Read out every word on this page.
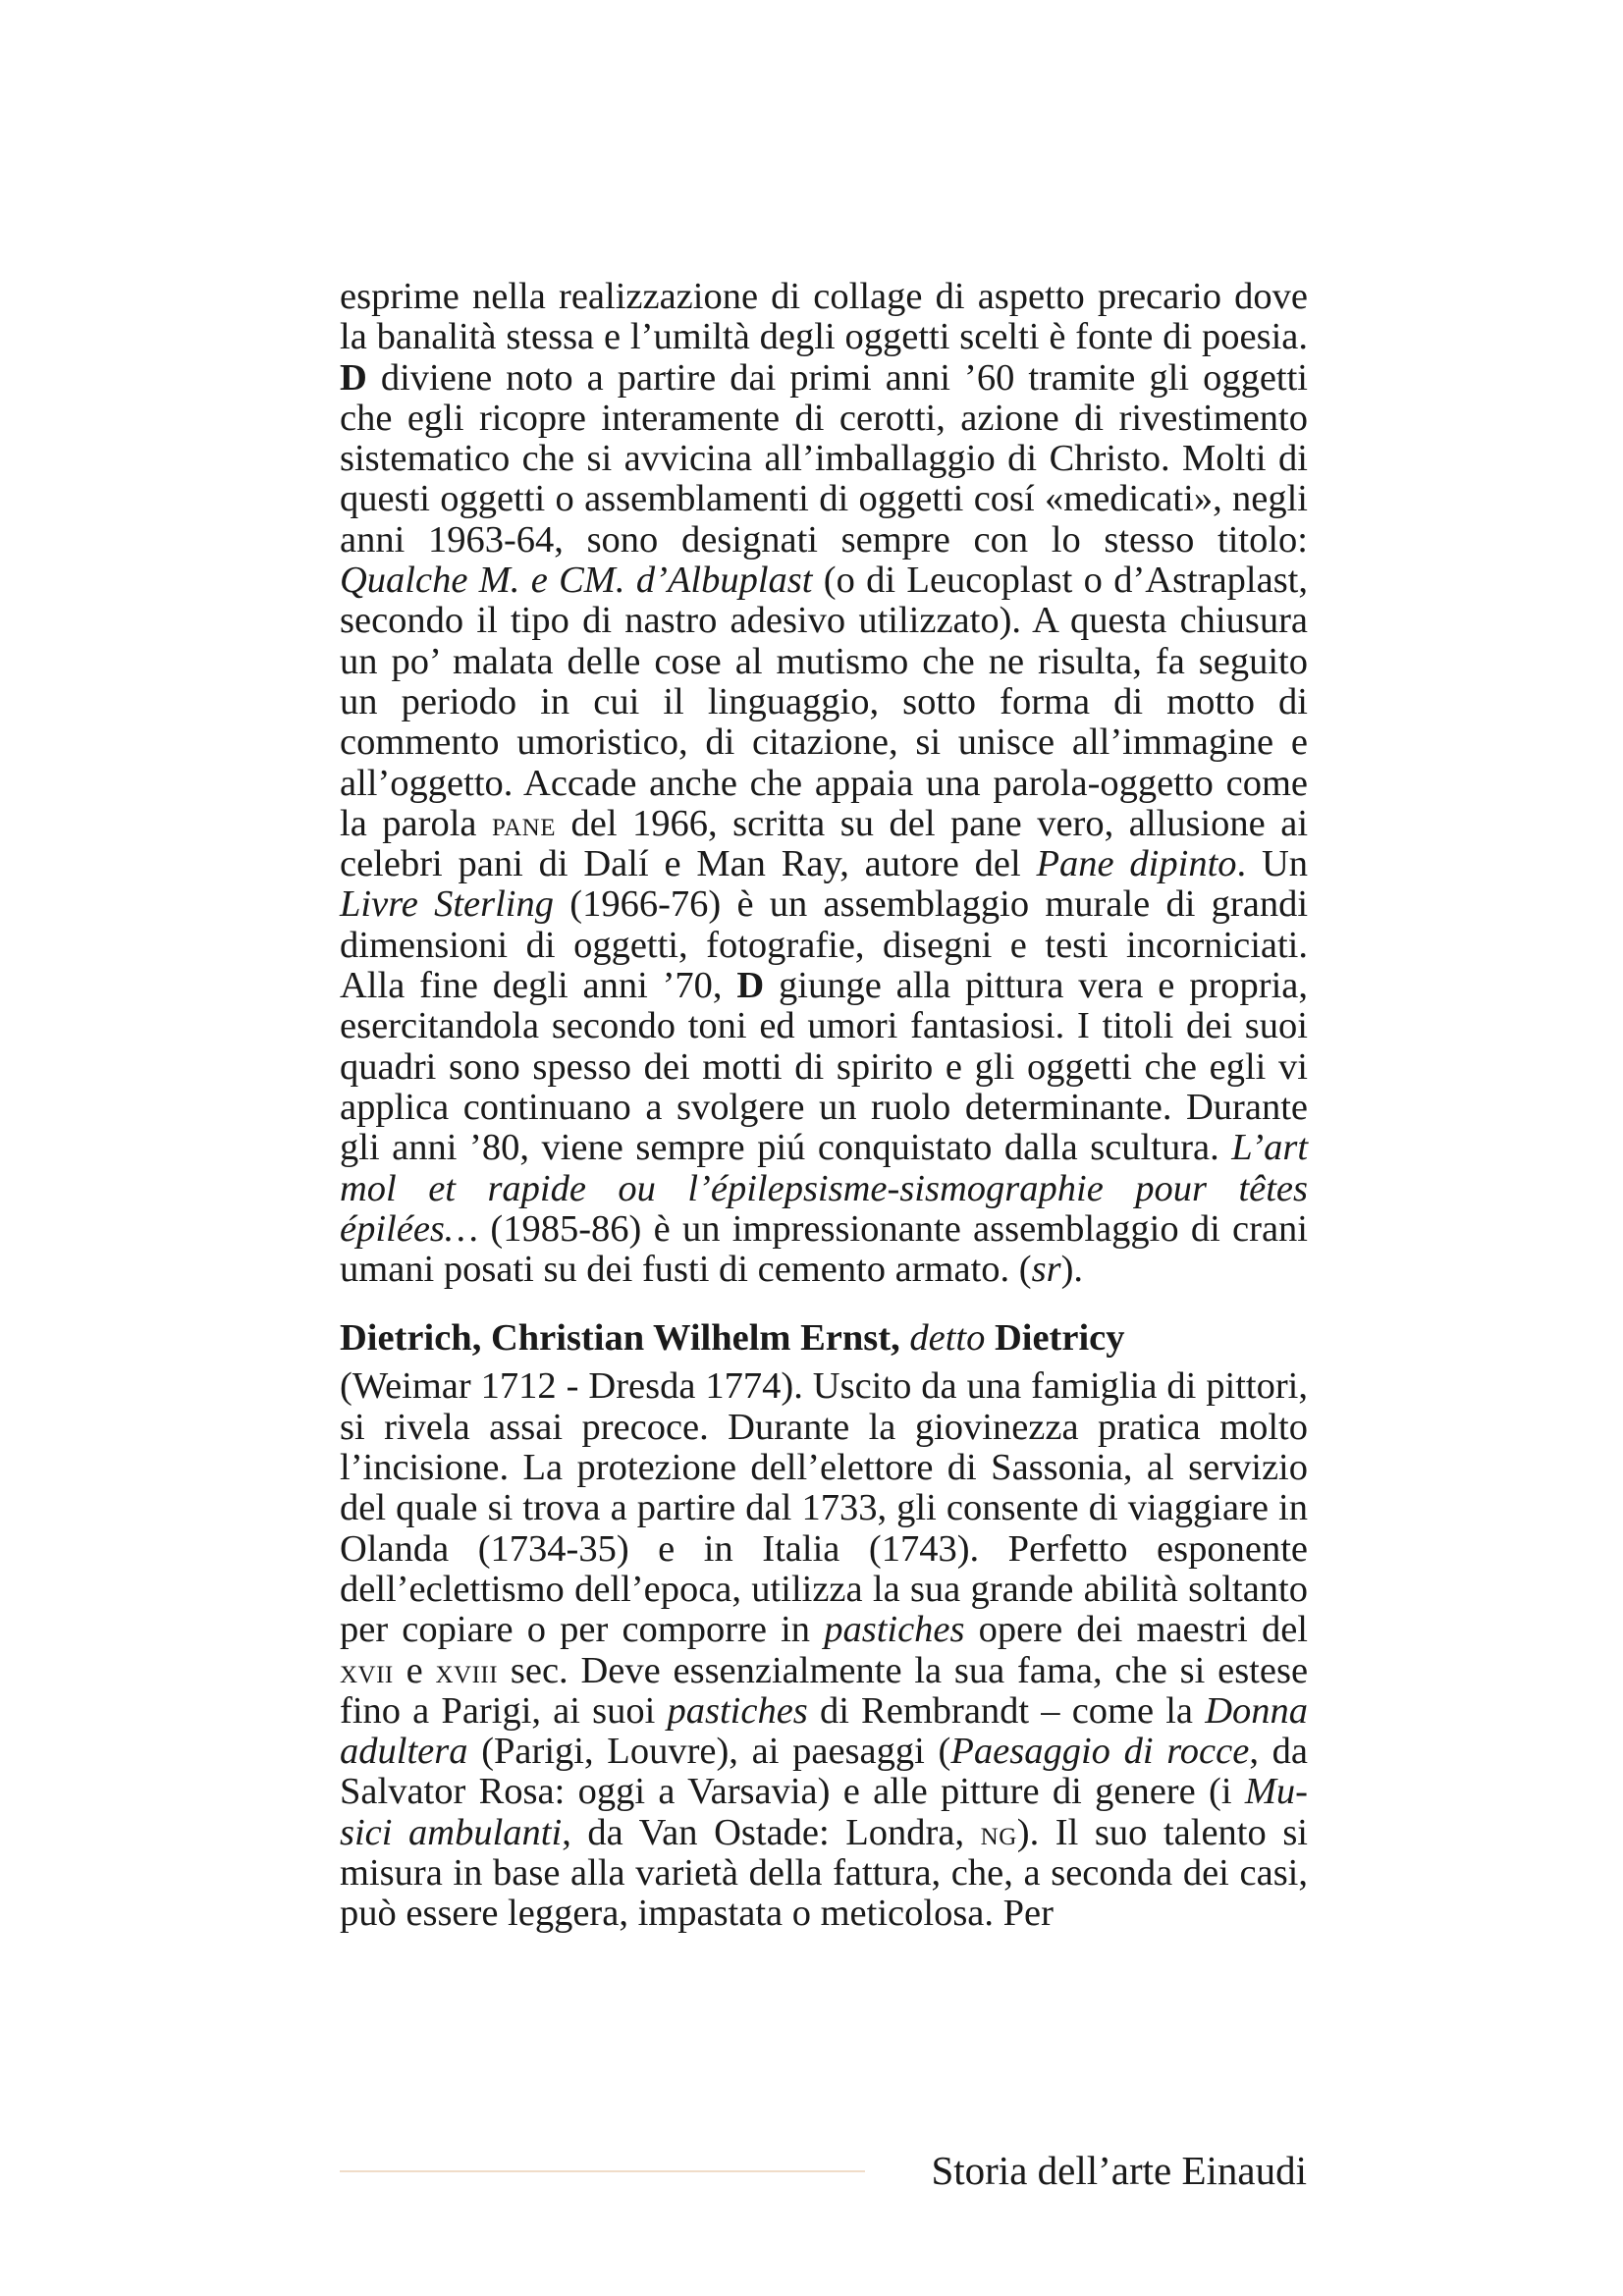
esprime nella realizzazione di collage di aspetto precario dove la banalità stessa e l’umiltà degli oggetti scelti è fonte di poesia. D diviene noto a partire dai primi anni ’60 tramite gli oggetti che egli ricopre interamente di cerotti, azione di rivestimento sistematico che si avvicina all’imballaggio di Christo. Molti di questi oggetti o assemblamenti di oggetti cosí «medicati», negli anni 1963-64, sono designati sempre con lo stesso titolo: Qualche M. e CM. d’Albuplast (o di Leucoplast o d’Astraplast, secondo il tipo di nastro adesivo utilizzato). A questa chiusura un po’ malata delle cose al mutismo che ne risulta, fa seguito un periodo in cui il linguaggio, sotto forma di motto di commento umoristico, di citazione, si unisce all’immagine e all’oggetto. Accade anche che appaia una parola-oggetto come la parola pane del 1966, scritta su del pane vero, allusione ai celebri pani di Dalí e Man Ray, autore del Pane dipinto. Un Livre Sterling (1966-76) è un assemblaggio murale di grandi dimensioni di oggetti, fotografie, disegni e testi incorniciati. Alla fine degli anni ’70, D giunge alla pittura vera e propria, esercitandola secondo toni ed umori fantasiosi. I titoli dei suoi quadri sono spesso dei motti di spirito e gli oggetti che egli vi applica continuano a svolgere un ruolo determinante. Durante gli anni ’80, viene sempre piú conquistato dalla scultura. L’art mol et rapide ou l’épilepsisme-sismographie pour têtes épilées… (1985-86) è un impressionante assemblaggio di crani umani posati su dei fusti di cemento armato. (sr).

Dietrich, Christian Wilhelm Ernst, detto Dietricy

(Weimar 1712 - Dresda 1774). Uscito da una famiglia di pittori, si rivela assai precoce. Durante la giovinezza pratica molto l’incisione. La protezione dell’elettore di Sassonia, al servizio del quale si trova a partire dal 1733, gli consente di viaggiare in Olanda (1734-35) e in Italia (1743). Perfetto esponente dell’eclettismo dell’epoca, utilizza la sua grande abilità soltanto per copiare o per comporre in pastiches opere dei maestri del xvii e xviii sec. Deve essenzialmente la sua fama, che si estese fino a Parigi, ai suoi pastiches di Rembrandt – come la Donna adultera (Parigi, Louvre), ai paesaggi (Paesaggio di rocce, da Salvator Rosa: oggi a Varsavia) e alle pitture di genere (i Musici ambulanti, da Van Ostade: Londra, ng). Il suo talento si misura in base alla varietà della fattura, che, a seconda dei casi, può essere leggera, impastata o meticolosa. Per

Storia dell’arte Einaudi
